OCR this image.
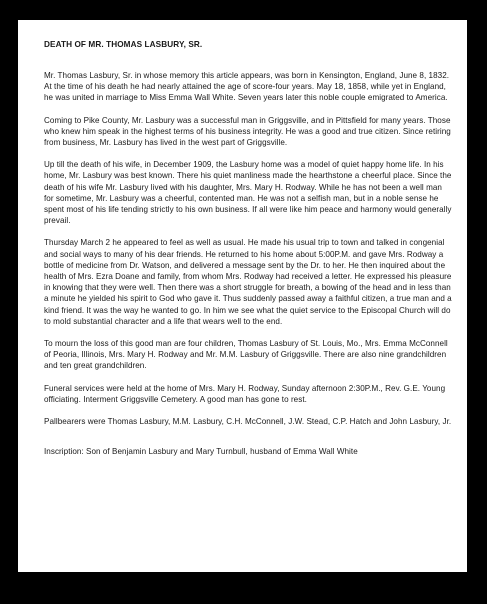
DEATH OF MR. THOMAS LASBURY, SR.

Mr. Thomas Lasbury, Sr. in whose memory this article appears, was born in Kensington, England, June 8, 1832. At the time of his death he had nearly attained the age of score-four years. May 18, 1858, while yet in England, he was united in marriage to Miss Emma Wall White. Seven years later this noble couple emigrated to America.

Coming to Pike County, Mr. Lasbury was a successful man in Griggsville, and in Pittsfield for many years. Those who knew him speak in the highest terms of his business integrity. He was a good and true citizen. Since retiring from business, Mr. Lasbury has lived in the west part of Griggsville.

Up till the death of his wife, in December 1909, the Lasbury home was a model of quiet happy home life. In his home, Mr. Lasbury was best known. There his quiet manliness made the hearthstone a cheerful place. Since the death of his wife Mr. Lasbury lived with his daughter, Mrs. Mary H. Rodway. While he has not been a well man for sometime, Mr. Lasbury was a cheerful, contented man. He was not a selfish man, but in a noble sense he spent most of his life tending strictly to his own business. If all were like him peace and harmony would generally prevail.

Thursday March 2 he appeared to feel as well as usual. He made his usual trip to town and talked in congenial and social ways to many of his dear friends. He returned to his home about 5:00P.M. and gave Mrs. Rodway a bottle of medicine from Dr. Watson, and delivered a message sent by the Dr. to her. He then inquired about the health of Mrs. Ezra Doane and family, from whom Mrs. Rodway had received a letter. He expressed his pleasure in knowing that they were well. Then there was a short struggle for breath, a bowing of the head and in less than a minute he yielded his spirit to God who gave it. Thus suddenly passed away a faithful citizen, a true man and a kind friend. It was the way he wanted to go. In him we see what the quiet service to the Episcopal Church will do to mold substantial character and a life that wears well to the end.

To mourn the loss of this good man are four children, Thomas Lasbury of St. Louis, Mo., Mrs. Emma McConnell of Peoria, Illinois, Mrs. Mary H. Rodway and Mr. M.M. Lasbury of Griggsville. There are also nine grandchildren and ten great grandchildren.

Funeral services were held at the home of Mrs. Mary H. Rodway, Sunday afternoon 2:30P.M., Rev. G.E. Young officiating. Interment Griggsville Cemetery. A good man has gone to rest.

Pallbearers were Thomas Lasbury, M.M. Lasbury, C.H. McConnell, J.W. Stead, C.P. Hatch and John Lasbury, Jr.

Inscription: Son of Benjamin Lasbury and Mary Turnbull, husband of Emma Wall White
